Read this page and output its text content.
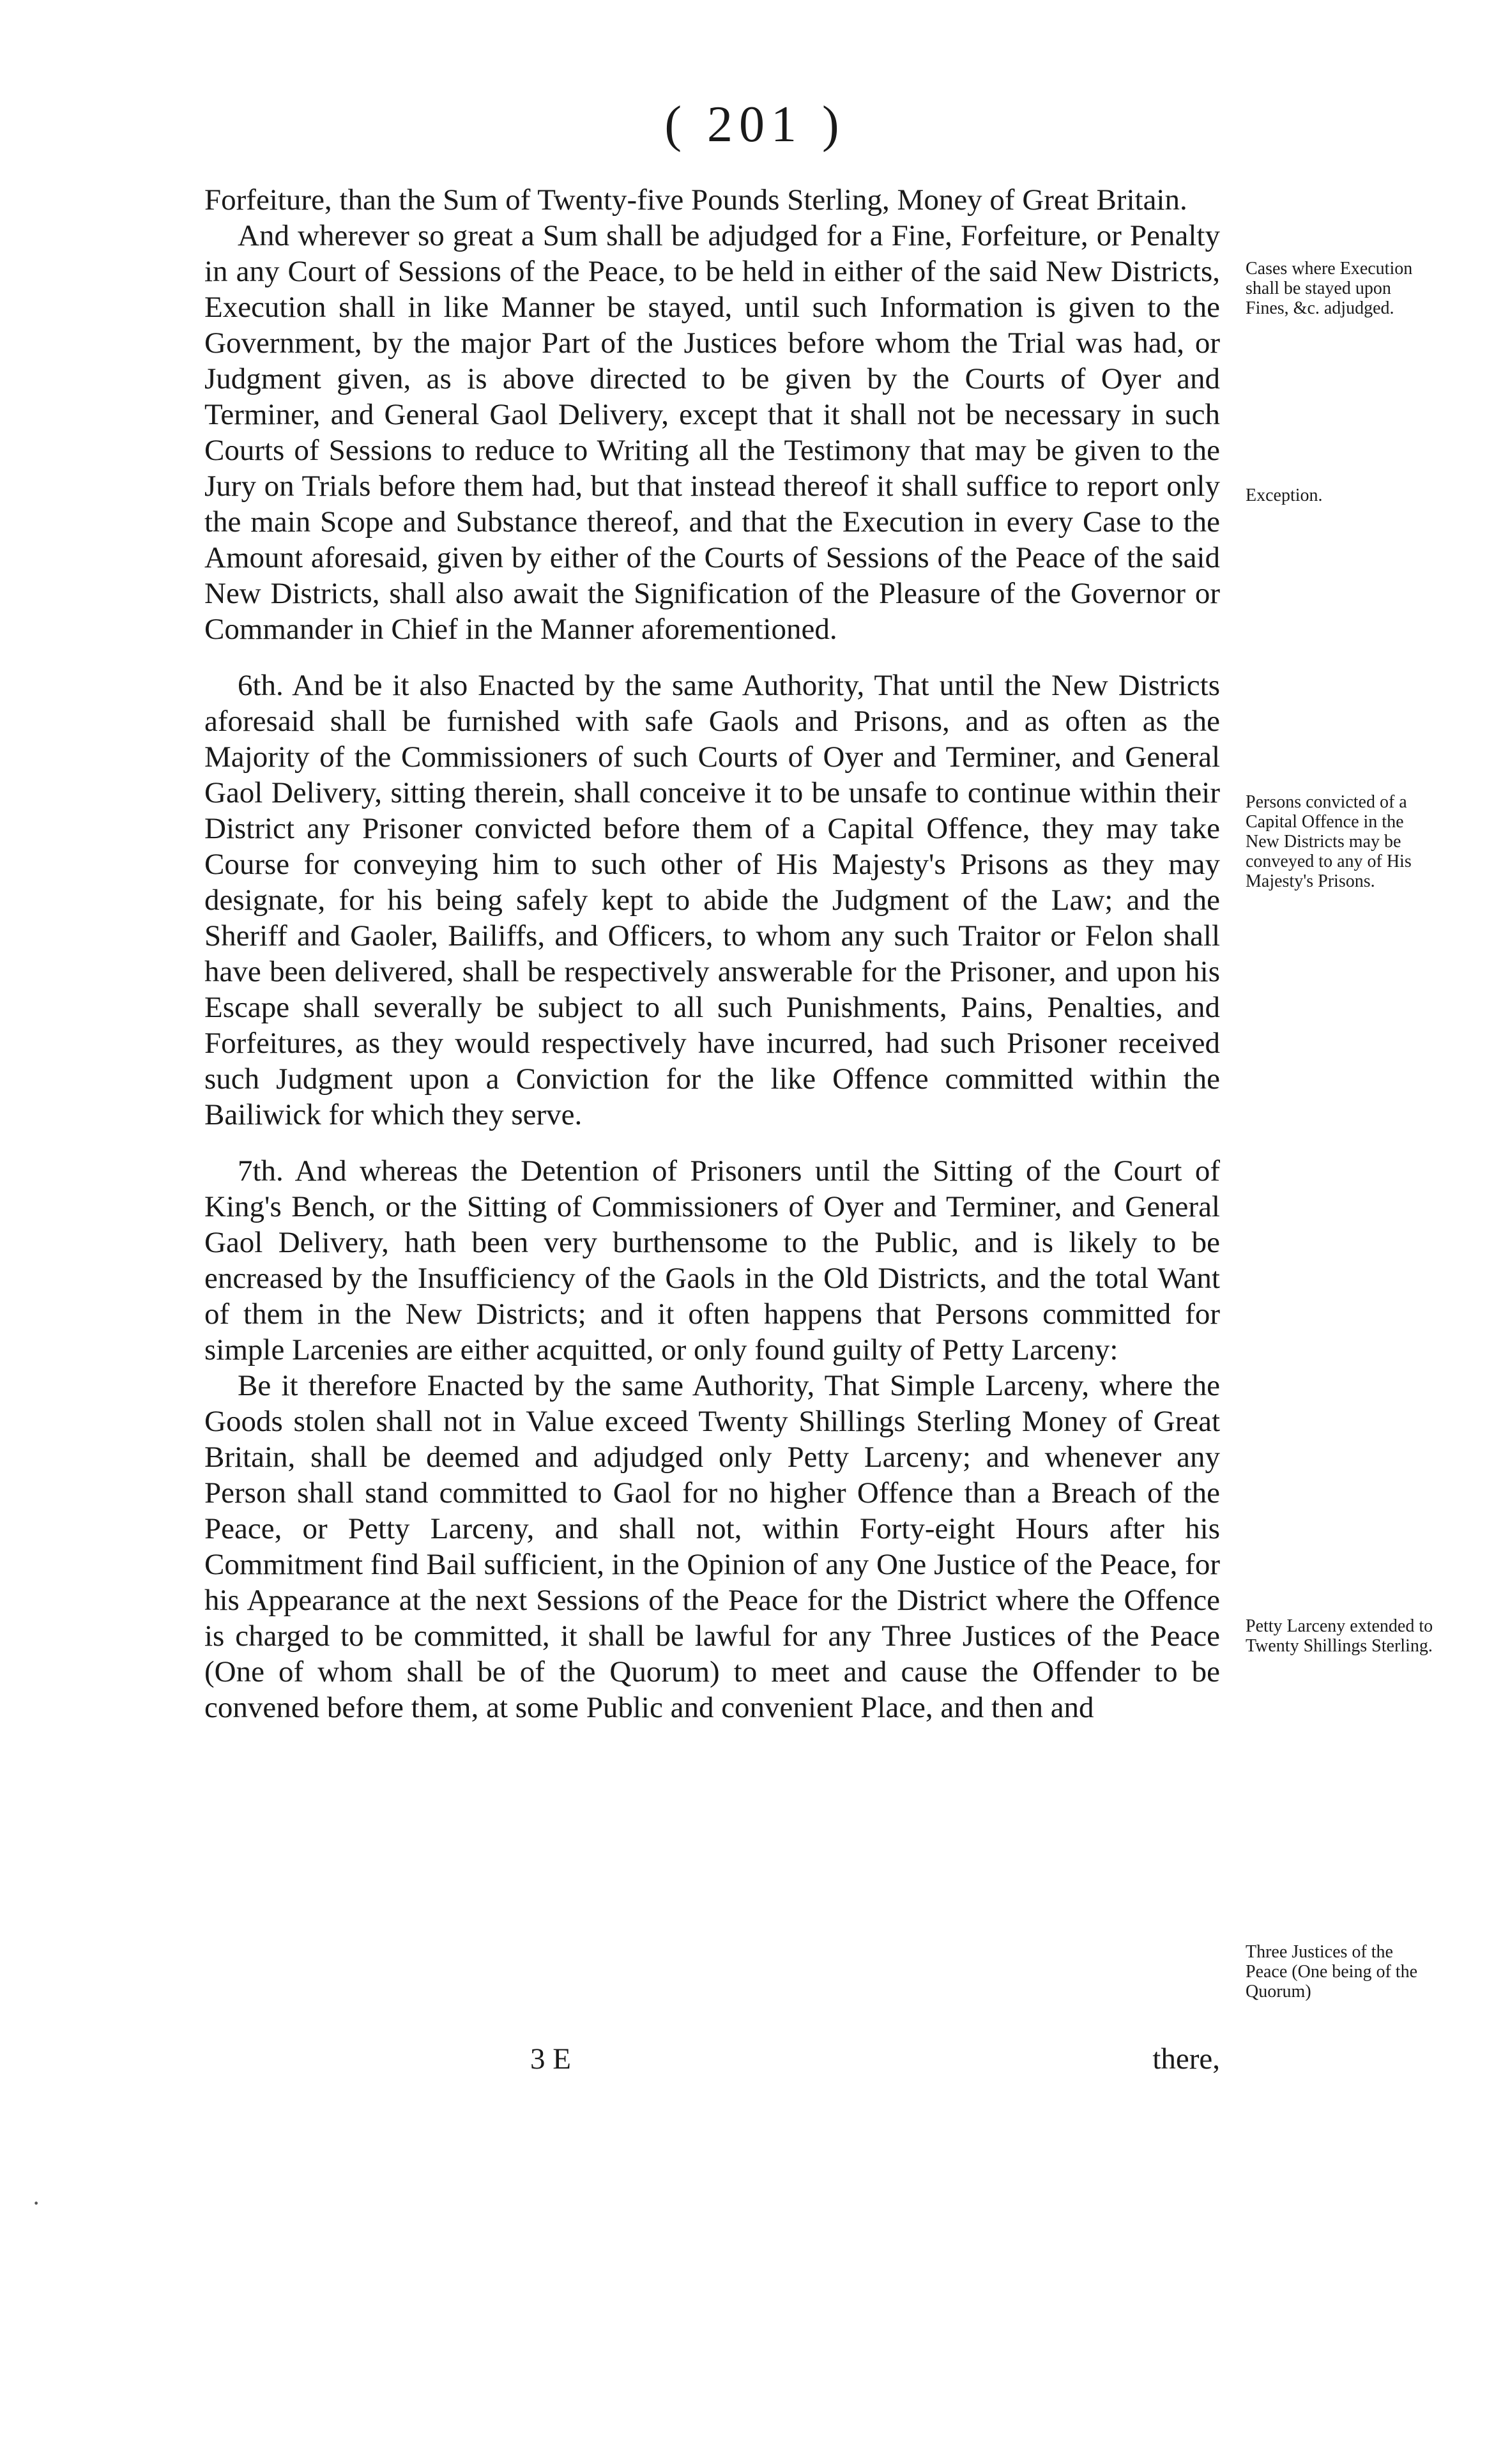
( 201 )

Forfeiture, than the Sum of Twenty-five Pounds Sterling, Money of Great Britain.

And wherever so great a Sum shall be adjudged for a Fine, Forfeiture, or Penalty in any Court of Sessions of the Peace, to be held in either of the said New Districts, Execution shall in like Manner be stayed, until such Information is given to the Government, by the major Part of the Justices before whom the Trial was had, or Judgment given, as is above directed to be given by the Courts of Oyer and Terminer, and General Gaol Delivery, except that it shall not be necessary in such Courts of Sessions to reduce to Writing all the Testimony that may be given to the Jury on Trials before them had, but that instead thereof it shall suffice to report only the main Scope and Substance thereof, and that the Execution in every Case to the Amount aforesaid, given by either of the Courts of Sessions of the Peace of the said New Districts, shall also await the Signification of the Pleasure of the Governor or Commander in Chief in the Manner aforementioned.

6th. And be it also Enacted by the same Authority, That until the New Districts aforesaid shall be furnished with safe Gaols and Prisons, and as often as the Majority of the Commissioners of such Courts of Oyer and Terminer, and General Gaol Delivery, sitting therein, shall conceive it to be unsafe to continue within their District any Prisoner convicted before them of a Capital Offence, they may take Course for conveying him to such other of His Majesty's Prisons as they may designate, for his being safely kept to abide the Judgment of the Law; and the Sheriff and Gaoler, Bailiffs, and Officers, to whom any such Traitor or Felon shall have been delivered, shall be respectively answerable for the Prisoner, and upon his Escape shall severally be subject to all such Punishments, Pains, Penalties, and Forfeitures, as they would respectively have incurred, had such Prisoner received such Judgment upon a Conviction for the like Offence committed within the Bailiwick for which they serve.

7th. And whereas the Detention of Prisoners until the Sitting of the Court of King's Bench, or the Sitting of Commissioners of Oyer and Terminer, and General Gaol Delivery, hath been very burthensome to the Public, and is likely to be encreased by the Insufficiency of the Gaols in the Old Districts, and the total Want of them in the New Districts; and it often happens that Persons committed for simple Larcenies are either acquitted, or only found guilty of Petty Larceny:

Be it therefore Enacted by the same Authority, That Simple Larceny, where the Goods stolen shall not in Value exceed Twenty Shillings Sterling Money of Great Britain, shall be deemed and adjudged only Petty Larceny; and whenever any Person shall stand committed to Gaol for no higher Offence than a Breach of the Peace, or Petty Larceny, and shall not, within Forty-eight Hours after his Commitment find Bail sufficient, in the Opinion of any One Justice of the Peace, for his Appearance at the next Sessions of the Peace for the District where the Offence is charged to be committed, it shall be lawful for any Three Justices of the Peace (One of whom shall be of the Quorum) to meet and cause the Offender to be convened before them, at some Public and convenient Place, and then and

Cases where Execution shall be stayed upon Fines, &c. adjudged.
Exception.
Persons convicted of a Capital Offence in the New Districts may be conveyed to any of His Majesty's Prisons.
Petty Larceny extended to Twenty Shillings Sterling.
Three Justices of the Peace (One being of the Quorum)
3 E	there,
·
